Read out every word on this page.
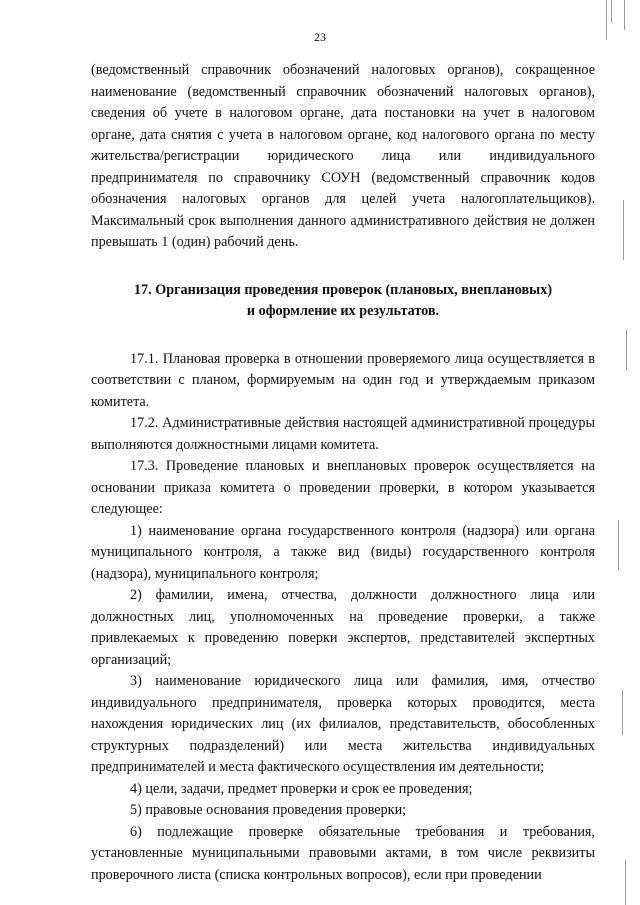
23

(ведомственный справочник обозначений налоговых органов), сокращенное наименование (ведомственный справочник обозначений налоговых органов), сведения об учете в налоговом органе, дата постановки на учет в налоговом органе, дата снятия с учета в налоговом органе, код налогового органа по месту жительства/регистрации юридического лица или индивидуального предпринимателя по справочнику СОУН (ведомственный справочник кодов обозначения налоговых органов для целей учета налогоплательщиков). Максимальный срок выполнения данного административного действия не должен превышать 1 (один) рабочий день.

17. Организация проведения проверок (плановых, внеплановых)
и оформление их результатов.

17.1. Плановая проверка в отношении проверяемого лица осуществляется в соответствии с планом, формируемым на один год и утверждаемым приказом комитета.

17.2. Административные действия настоящей административной процедуры выполняются должностными лицами комитета.

17.3. Проведение плановых и внеплановых проверок осуществляется на основании приказа комитета о проведении проверки, в котором указывается следующее:

1) наименование органа государственного контроля (надзора) или органа муниципального контроля, а также вид (виды) государственного контроля (надзора), муниципального контроля;

2) фамилии, имена, отчества, должности должностного лица или должностных лиц, уполномоченных на проведение проверки, а также привлекаемых к проведению поверки экспертов, представителей экспертных организаций;

3) наименование юридического лица или фамилия, имя, отчество индивидуального предпринимателя, проверка которых проводится, места нахождения юридических лиц (их филиалов, представительств, обособленных структурных подразделений) или места жительства индивидуальных предпринимателей и места фактического осуществления им деятельности;

4) цели, задачи, предмет проверки и срок ее проведения;

5) правовые основания проведения проверки;

6) подлежащие проверке обязательные требования и требования, установленные муниципальными правовыми актами, в том числе реквизиты проверочного листа (списка контрольных вопросов), если при проведении
